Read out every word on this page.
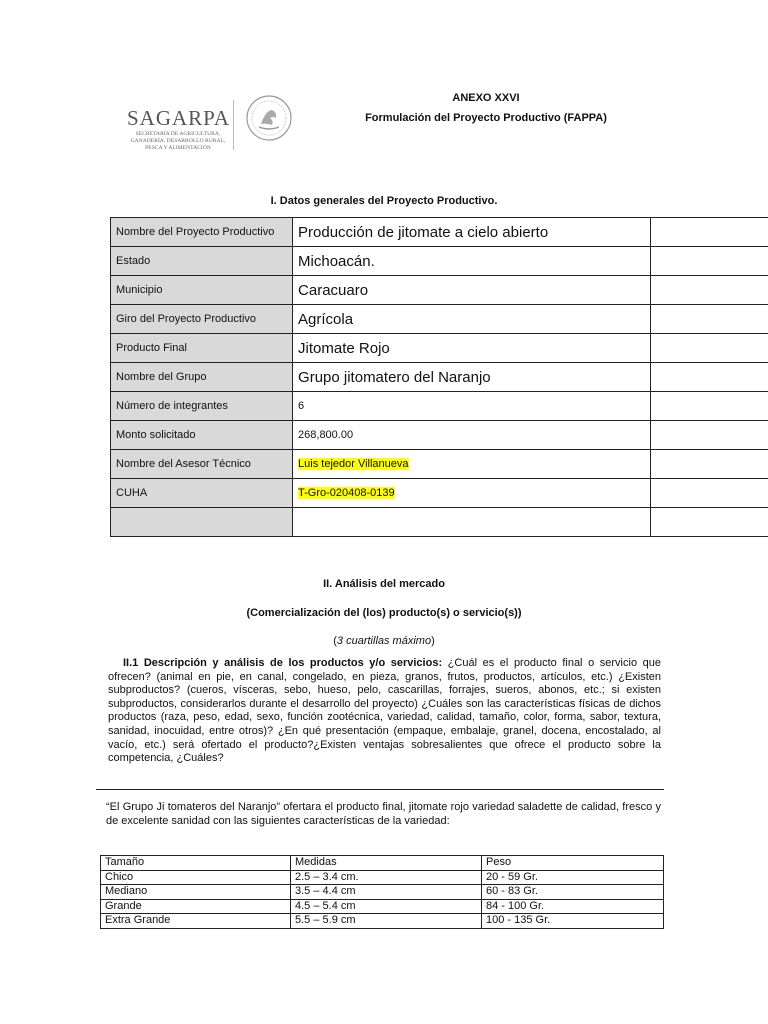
SAGARPA
SECRETARÍA DE AGRICULTURA, GANADERÍA, DESARROLLO RURAL, PESCA Y ALIMENTACIÓN
ANEXO XXVI
Formulación del Proyecto Productivo (FAPPA)
I. Datos generales del Proyecto Productivo.
Nombre del Proyecto Productivo	Producción de jitomate a cielo abierto	
Estado	Michoacán.	
Municipio	Caracuaro	
Giro del Proyecto Productivo	Agrícola	
Producto Final	Jitomate Rojo	
Nombre del Grupo	Grupo jitomatero del Naranjo	
Número de integrantes	6	
Monto solicitado	268,800.00	
Nombre del Asesor Técnico	Luis tejedor Villanueva	
CUHA	T-Gro-020408-0139	

II. Análisis del mercado
(Comercialización del (los) producto(s) o servicio(s))
(3 cuartillas máximo)
II.1 Descripción y análisis de los productos y/o servicios: ¿Cuál es el producto final o servicio que ofrecen? (animal en pie, en canal, congelado, en pieza, granos, frutos, productos, artículos, etc.) ¿Existen subproductos? (cueros, vísceras, sebo, hueso, pelo, cascarillas, forrajes, sueros, abonos, etc.; si existen subproductos, considerarlos durante el desarrollo del proyecto) ¿Cuáles son las características físicas de dichos productos (raza, peso, edad, sexo, función zootécnica, variedad, calidad, tamaño, color, forma, sabor, textura, sanidad, inocuidad, entre otros)? ¿En qué presentación (empaque, embalaje, granel, docena, encostalado, al vacío, etc.) será ofertado el producto?¿Existen ventajas sobresalientes que ofrece el producto sobre la competencia, ¿Cuáles?
“El Grupo Ji tomateros del Naranjo” ofertara el producto final, jitomate rojo variedad saladette de calidad, fresco y de excelente sanidad con las siguientes características de la variedad:
Tamaño	Medidas	Peso
Chico	2.5 – 3.4 cm.	20 - 59 Gr.
Mediano	3.5 – 4.4 cm	60 - 83 Gr.
Grande	4.5 – 5.4 cm	84 - 100 Gr.
Extra Grande	5.5 – 5.9 cm	100 - 135 Gr.
